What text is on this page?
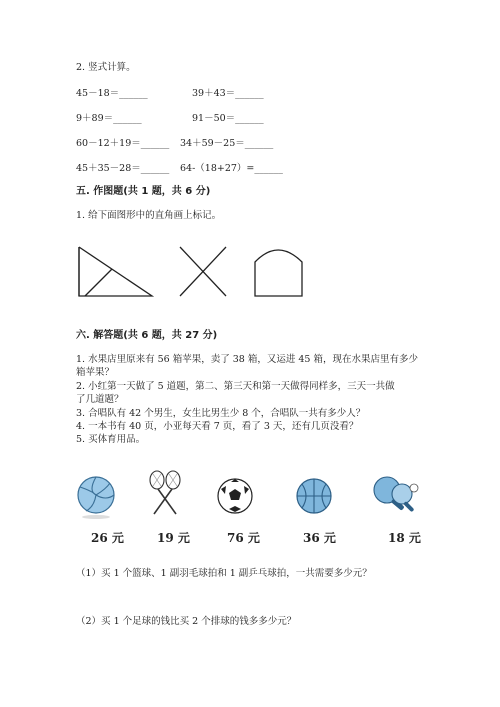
2. 竖式计算。
45－18＝______	39＋43＝______
9＋89＝______	91－50＝______
60－12＋19＝______ 34＋59－25＝______
45＋35－28＝______ 64-（18+27）=______
五. 作图题(共 1 题，共 6 分)
1. 给下面图形中的直角画上标记。
六. 解答题(共 6 题，共 27 分)
1. 水果店里原来有 56 箱苹果，卖了 38 箱，又运进 45 箱，现在水果店里有多少
箱苹果？
2. 小红第一天做了 5 道题，第二、第三天和第一天做得同样多，三天一共做
了几道题？
3. 合唱队有 42 个男生，女生比男生少 8 个，合唱队一共有多少人？
4. 一本书有 40 页，小亚每天看 7 页，看了 3 天，还有几页没看？
5. 买体育用品。
26 元	19 元	76 元	36 元	18 元
（1）买 1 个篮球、1 副羽毛球拍和 1 副乒乓球拍，一共需要多少元？
（2）买 1 个足球的钱比买 2 个排球的钱多多少元？
